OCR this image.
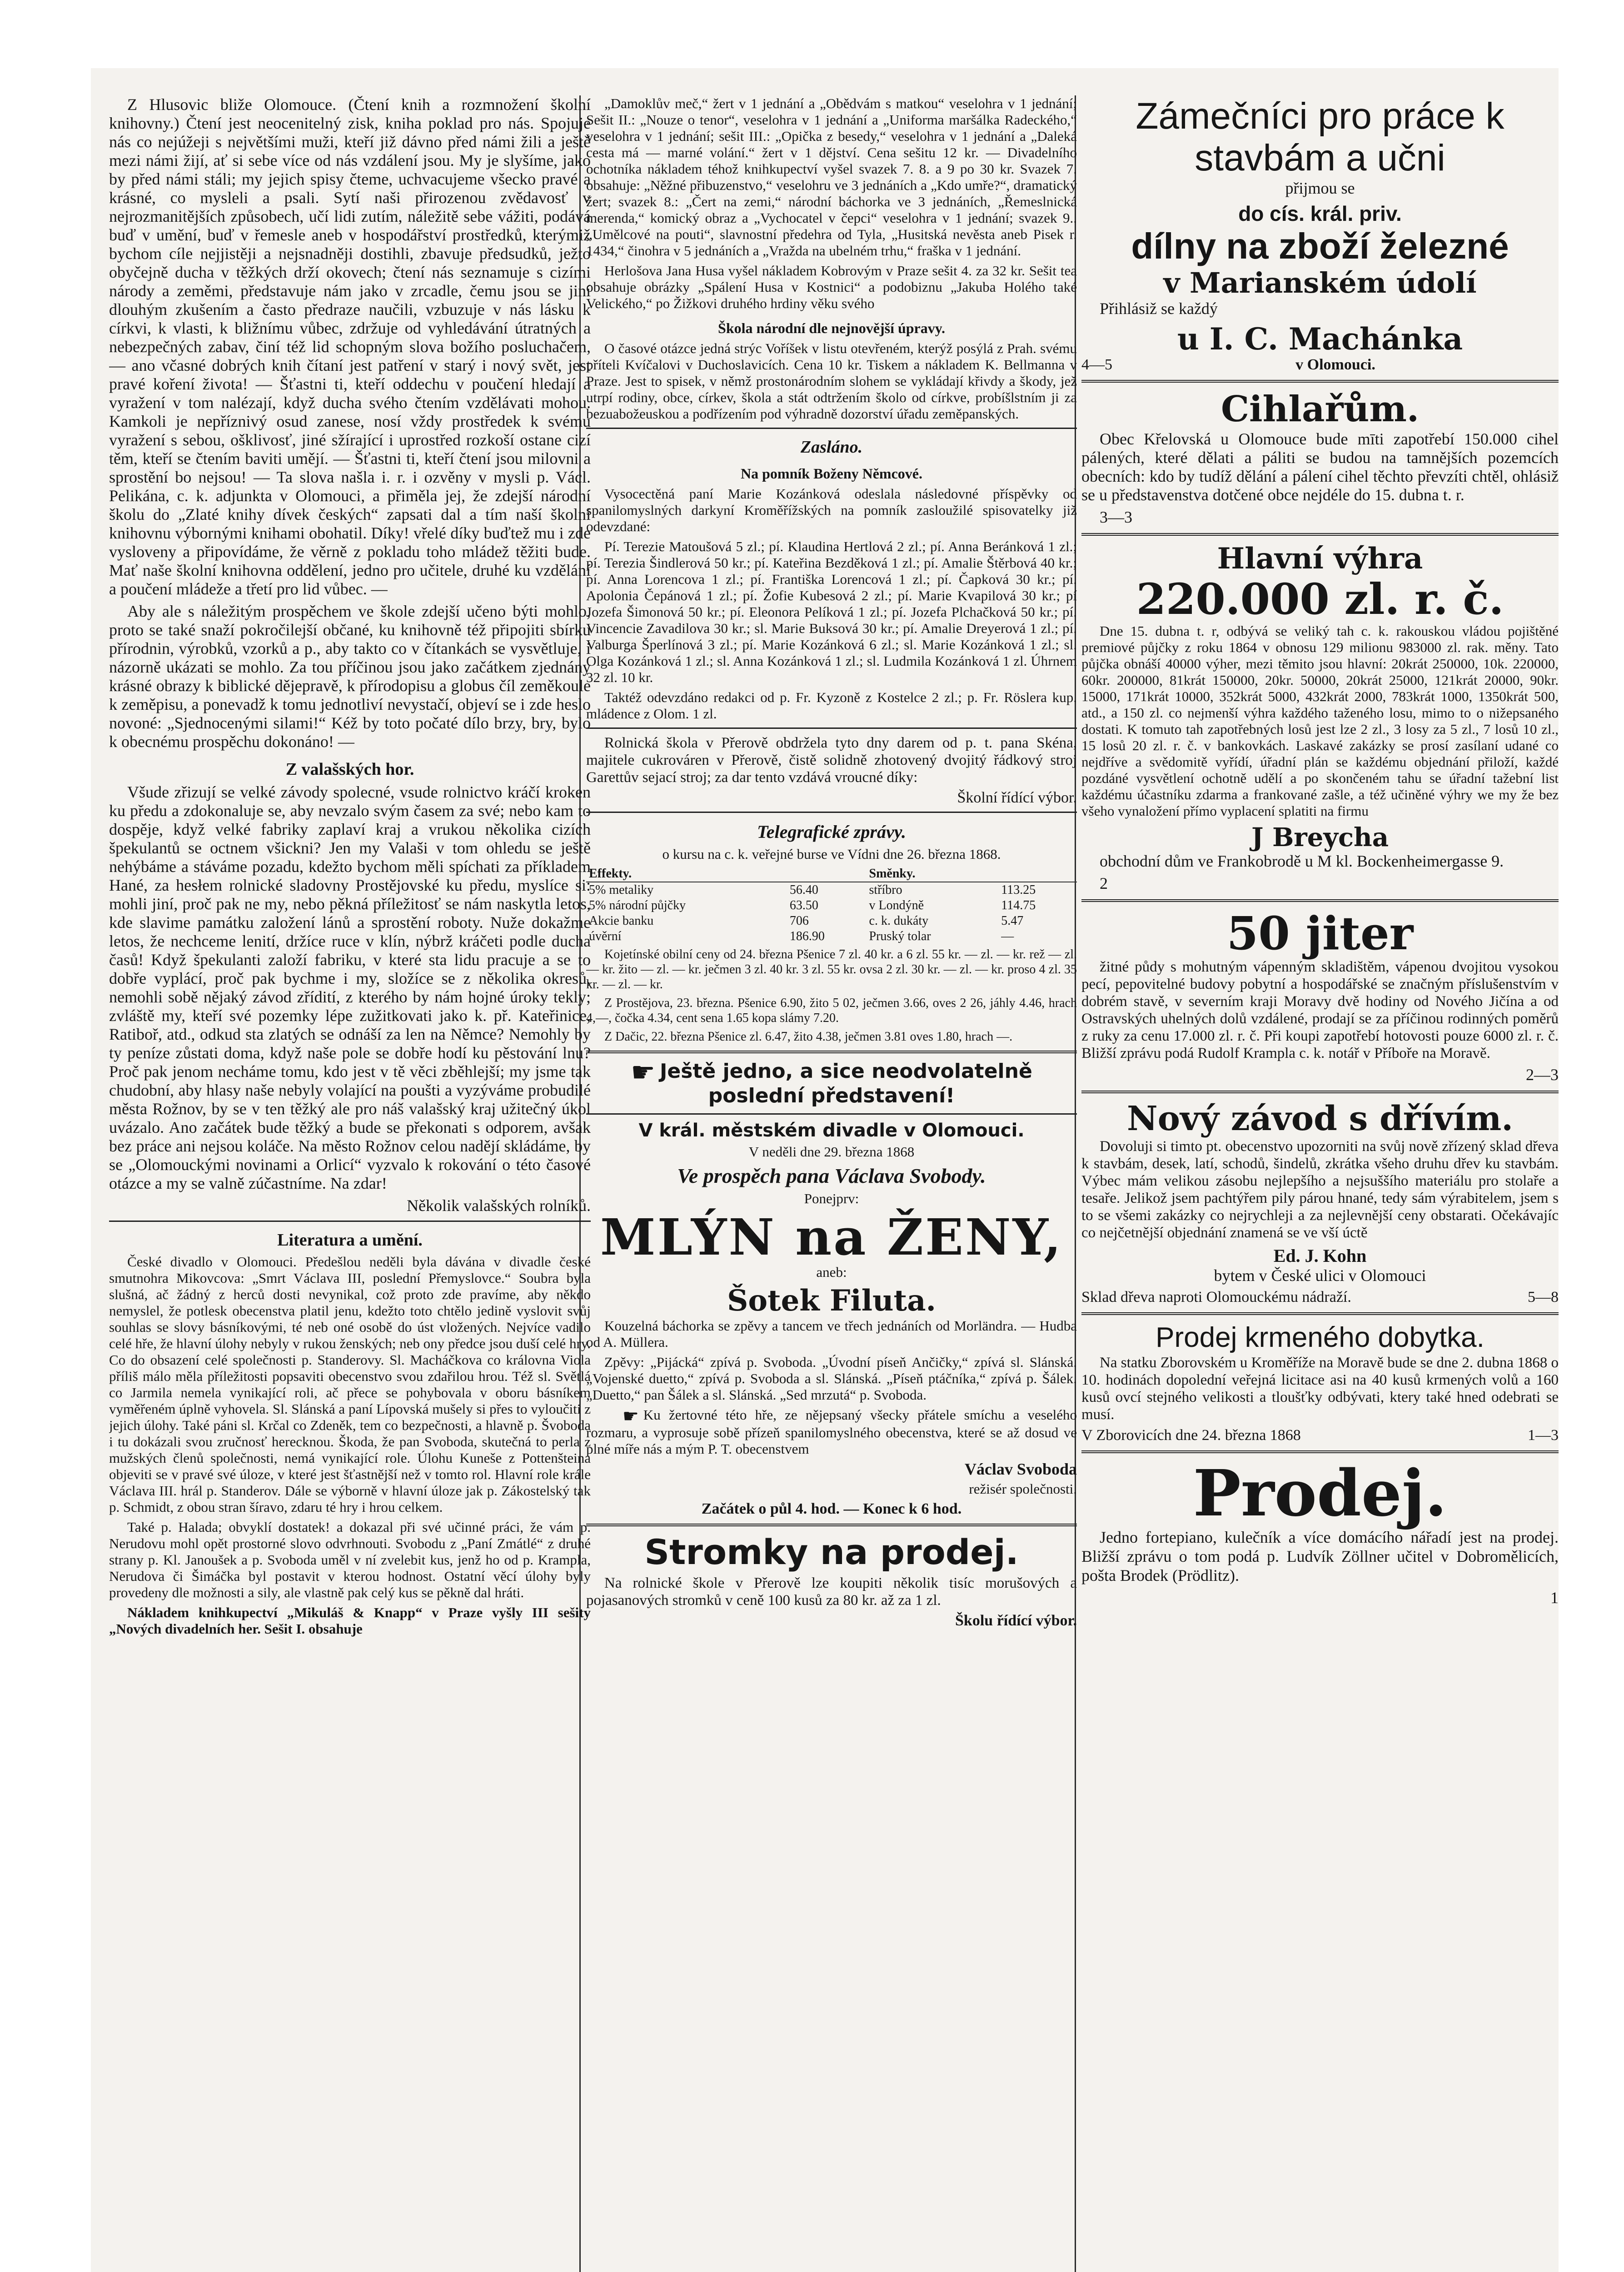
Z Hlusovic bliže Olomouce. (Čtení knih a rozmnožení školní knihovny.) Čtení jest neocenitelný zisk, kniha poklad pro nás. Spojuje nás co nejúžeji s největšími muži, kteří již dávno před námi žili a ještě mezi námi žijí, ať si sebe více od nás vzdálení jsou. My je slyšíme, jako by před námi stáli; my jejich spisy čteme, uchvacujeme všecko pravé a krásné, co mysleli a psali. Sytí naši přirozenou zvědavosť v nejrozmanitějších způsobech, učí lidi zutím, náležitě sebe vážiti, podává buď v umění, buď v řemesle aneb v hospodářství prostředků, kterýmiž bychom cíle nejjistěji a nejsnadněji dostihli, zbavuje předsudků, ježto obyčejně ducha v těžkých drží okovech; čtení nás seznamuje s cizími národy a zeměmi, představuje nám jako v zrcadle, čemu jsou se jiní dlouhým zkušením a často předraze naučili, vzbuzuje v nás lásku k církvi, k vlasti, k bližnímu vůbec, zdržuje od vyhledávání útratných a nebezpečných zabav, činí též lid schopným slova božího posluchačem, — ano včasné dobrých knih čítaní jest patření v starý i nový svět, jest pravé koření života! — Šťastni ti, kteří oddechu v poučení hledají a vyražení v tom nalézají, když ducha svého čtením vzdělávati mohou. Kamkoli je nepříznivý osud zanese, nosí vždy prostředek k svému vyražení s sebou, ošklivosť, jiné sžírající i uprostřed rozkoší ostane cizí těm, kteří se čtením baviti umějí. — Šťastni ti, kteří čtení jsou milovni a sprostění bo nejsou! — Ta slova našla i. r. i ozvěny v mysli p. Václ. Pelikána, c. k. adjunkta v Olomouci, a přiměla jej, že zdejší národní školu do „Zlaté knihy dívek českých“ zapsati dal a tím naší školní knihovnu výbornými knihami obohatil. Díky! vřelé díky buďtež mu i zde vysloveny a připovídáme, že věrně z pokladu toho mládež těžiti bude. Mať naše školní knihovna oddělení, jedno pro učitele, druhé ku vzdělání a poučení mládeže a třetí pro lid vůbec. —

Aby ale s náležitým prospěchem ve škole zdejší učeno býti mohlo, proto se také snaží pokročilejší občané, ku knihovně též připojiti sbírku přírodnin, výrobků, vzorků a p., aby takto co v čítankách se vysvětluje, i názorně ukázati se mohlo. Za tou příčinou jsou jako začátkem zjednány krásné obrazy k biblické dějepravě, k přírodopisu a globus číl zeměkoule k zeměpisu, a ponevadž k tomu jednotliví nevystačí, objeví se i zde heslo novoné: „Sjednocenými silami!“ Kéž by toto počaté dílo brzy, bry, bylo k obecnému prospěchu dokonáno! —

Z valašských hor.

Všude zřizují se velké závody spolecné, vsude rolnictvo kráčí kroken ku předu a zdokonaluje se, aby nevzalo svým časem za své; nebo kam to dospěje, když velké fabriky zaplaví kraj a vrukou několika cizích špekulantů se octnem všickni? Jen my Valaši v tom ohledu se ještě nehýbáme a stáváme pozadu, kdežto bychom měli spíchati za příkladem Hané, za hesłem rolnické sladovny Prostějovské ku předu, myslíce si: mohli jiní, proč pak ne my, nebo pěkná příležitosť se nám naskytla letos, kde slavime památku založení lánů a sprostění roboty. Nuže dokažme letos, že nechceme lenití, držíce ruce v klín, nýbrž kráčeti podle ducha časů! Když špekulanti založí fabriku, v které sta lidu pracuje a se to dobře vyplácí, proč pak bychme i my, složíce se z několika okresů, nemohli sobě nějaký závod zřídití, z kterého by nám hojné úroky tekly; zvláště my, kteří své pozemky lépe zužitkovati jako k. př. Kateřinice, Ratiboř, atd., odkud sta zlatých se odnáší za len na Němce? Nemohly by ty peníze zůstati doma, když naše pole se dobře hodí ku pěstování lnu? Proč pak jenom necháme tomu, kdo jest v tě věci zběhlejší; my jsme tak chudobní, aby hlasy naše nebyly volající na poušti a vyzýváme probudilé města Rožnov, by se v ten těžký ale pro náš valašský kraj užitečný úkol uvázalo. Ano začátek bude těžký a bude se překonati s odporem, avšak bez práce ani nejsou koláče. Na město Rožnov celou nadějí skládáme, by se „Olomouckými novinami a Orlicí“ vyzvalo k rokování o této časové otázce a my se valně zúčastníme. Na zdar!

Několik valašských rolníků.

Literatura a umění.

České divadlo v Olomouci. Předešlou neděli byla dávána v divadle české smutnohra Mikovcova: „Smrt Václava III, poslední Přemyslovce.“ Soubra byla slušná, ač žádný z herců dosti nevynikal, což proto zde pravíme, aby někdo nemyslel, že potlesk obecenstva platil jenu, kdežto toto chtělo jedině vyslovit svůj souhlas se slovy básníkovými, té neb oné osobě do úst vložených. Nejvíce vadilo celé hře, že hlavní úlohy nebyly v rukou ženských; neb ony předce jsou duší celé hry. Co do obsazení celé společnosti p. Standerovy. Sl. Macháčkova co královna Viola příliš málo měla příležitosti popsaviti obecenstvo svou zdařilou hrou. Též sl. Světlá co Jarmila nemela vynikající roli, ač přece se pohybovala v oboru básníkem vyměřeném úplně vyhovela. Sl. Slánská a paní Lípovská mušely si přes to vyloučiti z jejich úlohy. Také páni sl. Krčal co Zdeněk, tem co bezpečnosti, a hlavně p. Švoboda i tu dokázali svou zručnosť herecknou. Škoda, že pan Svoboda, skutečná to perla z mužských členů společnosti, nemá vynikající role. Úlohu Kuneše z Pottenšteina objeviti se v pravé své úloze, v které jest šťastnější než v tomto rol. Hlavní role krále Václava III. hrál p. Standerov. Dále se výborně v hlavní úloze jak p. Zákostelský tak p. Schmidt, z obou stran šíravo, zdaru té hry i hrou celkem.

Také p. Halada; obvyklí dostatek! a dokazal při své učinné práci, že vám p. Nerudovu mohl opět prostorné slovo odvrhnouti. Svobodu z „Paní Zmátlé“ z druhé strany p. Kl. Janoušek a p. Svoboda uměl v ní zvelebit kus, jenž ho od p. Krampla, Nerudova či Šimáčka byl postavit v kterou hodnost. Ostatní věcí úlohy byly provedeny dle možnosti a sily, ale vlastně pak celý kus se pěkně dal hráti.

Nákladem knihkupectví „Mikuláš & Knapp“ v Praze vyšly III sešity „Nových divadelních her. Sešit I. obsahuje

„Damoklův meč,“ žert v 1 jednání a „Obědvám s matkou“ veselohra v 1 jednání; Sešit II.: „Nouze o tenor“, veselohra v 1 jednání a „Uniforma maršálka Radeckého,“ veselohra v 1 jednání; sešit III.: „Opička z besedy,“ veselohra v 1 jednání a „Daleká cesta má — marné volání.“ žert v 1 dějství. Cena sešitu 12 kr. — Divadelního ochotníka nákladem téhož knihkupectví vyšel svazek 7. 8. a 9 po 30 kr. Svazek 7. obsahuje: „Něžné přibuzenstvo,“ veselohru ve 3 jednáních a „Kdo umře?“, dramatický žert; svazek 8.: „Čert na zemi,“ národní báchorka ve 3 jednáních, „Řemeslnická merenda,“ komický obraz a „Vychocatel v čepci“ veselohra v 1 jednání; svazek 9.. „Umělcové na pouti“, slavnostní předehra od Tyla, „Husitská nevěsta aneb Pisek r. 1434,“ činohra v 5 jednáních a „Vražda na ubelném trhu,“ fraška v 1 jednání.

Herlošova Jana Husa vyšel nákladem Kobrovým v Praze sešit 4. za 32 kr. Sešit tea obsahuje obrázky „Spálení Husa v Kostnici“ a podobiznu „Jakuba Holého také Velického,“ po Žižkovi druhého hrdiny věku svého

Škola národní dle nejnovější úpravy.

O časové otázce jedná strýc Voříšek v listu otevřeném, kterýž posýlá z Prah. svému příteli Kvíčalovi v Duchoslavicích. Cena 10 kr. Tiskem a nákladem K. Bellmanna v Praze. Jest to spisek, v němž prostonárodním slohem se vykládají křivdy a škody, jež utrpí rodiny, obce, církev, škola a stát odtržením školo od církve, probíšlstním ji za bezuabožeuskou a podřízením pod výhradně dozorství úřadu zeměpanských.

Zasláno.
Na pomník Boženy Němcové.

Vysocectěná paní Marie Kozánková odeslala následovné příspěvky od spanilomyslných darkyní Kroměřížských na pomník zasloužilé spisovatelky již odevzdané:

Pí. Terezie Matoušová 5 zl.; pí. Klaudina Hertlová 2 zl.; pí. Anna Beránková 1 zl.; pí. Terezia Šindlerová 50 kr.; pí. Kateřina Bezděková 1 zl.; pí. Amalie Štěrbová 40 kr.; pí. Anna Lorencova 1 zl.; pí. Františka Lorencová 1 zl.; pí. Čapková 30 kr.; pí. Apolonia Čepánová 1 zl.; pí. Žofie Kubesová 2 zl.; pí. Marie Kvapilová 30 kr.; pí Jozefa Šimonová 50 kr.; pí. Eleonora Pelíková 1 zl.; pí. Jozefa Plchačková 50 kr.; pí. Vincencie Zavadilova 30 kr.; sl. Marie Buksová 30 kr.; pí. Amalie Dreyerová 1 zl.; pí. Valburga Šperlínová 3 zl.; pí. Marie Kozánková 6 zl.; sl. Marie Kozánková 1 zl.; sl. Olga Kozánková 1 zl.; sl. Anna Kozánková 1 zl.; sl. Ludmila Kozánková 1 zl. Úhrnem 32 zl. 10 kr.

Taktéž odevzdáno redakci od p. Fr. Kyzoně z Kostelce 2 zl.; p. Fr. Röslera kup. mládence z Olom. 1 zl.

Rolnická škola v Přerově obdržela tyto dny darem od p. t. pana Skéna, majitele cukrováren v Přerově, čistě solidně zhotovený dvojitý řádkový stroj Garettův sejací stroj; za dar tento vzdává vroucné díky:

Školní řídící výbor.

Telegrafické zprávy.

o kursu na c. k. veřejné burse ve Vídni dne 26. března 1868.

Effekty.		Směnky.	
5% metaliky	56.40	stříbro	113.25
5% národní půjčky	63.50	v Londýně	114.75
Akcie banku	706	c. k. dukáty	5.47
úvěrní	186.90	Pruský tolar	—

Kojetínské obilní ceny od 24. března Pšenice 7 zl. 40 kr. a 6 zl. 55 kr. — zl. — kr. rež — zl. — kr. žito — zl. — kr. ječmen 3 zl. 40 kr. 3 zl. 55 kr. ovsa 2 zl. 30 kr. — zl. — kr. proso 4 zl. 35 kr. — zl. — kr.

Z Prostějova, 23. března. Pšenice 6.90, žito 5 02, ječmen 3.66, oves 2 26, jáhly 4.46, hrach 4,—, čočka 4.34, cent sena 1.65 kopa slámy 7.20.

Z Dačic, 22. března Pšenice zl. 6.47, žito 4.38, ječmen 3.81 oves 1.80, hrach —.

☛ Ještě jedno, a sice neodvolatelně poslední představení!
V král. městském divadle v Olomouci.

V neděli dne 29. března 1868

Ve prospěch pana Václava Svobody.

Ponejprv:

MLÝN na ŽENY,

aneb:

Šotek Filuta.

Kouzelná báchorka se zpěvy a tancem ve třech jednáních od Morländra. — Hudba od A. Müllera.

Zpěvy: „Pijácká“ zpívá p. Svoboda. „Úvodní píseň Ančičky,“ zpívá sl. Slánská. „Vojenské duetto,“ zpívá p. Svoboda a sl. Slánská. „Píseň ptáčníka,“ zpívá p. Šálek. „Duetto,“ pan Šálek a sl. Slánská. „Sed mrzutá“ p. Svoboda.

☛ Ku žertovné této hře, ze nějepsaný všecky přátele smíchu a veselého rozmaru, a vyprosuje sobě přízeň spanilomyslného obecenstva, které se až dosud ve plné míře nás a mým P. T. obecenstvem

Václav Svoboda

režisér společnosti.

Začátek o půl 4. hod. — Konec k 6 hod.

Stromky na prodej.

Na rolnické škole v Přerově lze koupiti několik tisíc morušových a pojasanových stromků v ceně 100 kusů za 80 kr. až za 1 zl.

Školu řídící výbor.

Zámečníci pro práce k stavbám a učni

přijmou se

do cís. král. priv.
dílny na zboží železné
v Marianském údolí

Přihlásiž se každý

u I. C. Machánka
4—5	v Olomouci.
Cihlařům.

Obec Křelovská u Olomouce bude mīti zapotřebí 150.000 cihel pálených, které dělati a páliti se budou na tamnějších pozemcích obecních: kdo by tudíž dělání a pálení cihel těchto převzíti chtěl, ohlásiž se u představenstva dotčené obce nejdéle do 15. dubna t. r.

3—3

Hlavní výhra
220.000 zl. r. č.

Dne 15. dubna t. r, odbývá se veliký tah c. k. rakouskou vládou pojištěné premiové půjčky z roku 1864 v obnosu 129 milionu 983000 zl. rak. měny. Tato půjčka obnáší 40000 výher, mezi těmito jsou hlavní: 20krát 250000, 10k. 220000, 60kr. 200000, 81krát 150000, 20kr. 50000, 20krát 25000, 121krát 20000, 90kr. 15000, 171krát 10000, 352krát 5000, 432krát 2000, 783krát 1000, 1350krát 500, atd., a 150 zl. co nejmenší výhra každého taženého losu, mimo to o nižepsaného dostati. K tomuto tah zapotřebných losů jest lze 2 zl., 3 losy za 5 zl., 7 losů 10 zl., 15 losů 20 zl. r. č. v bankovkách. Laskavé zakázky se prosí zasílaní udané co nejdříve a svědomitě vyřídí, úřadní plán se každému objednání přiloží, každé pozdáné vysvětlení ochotně udělí a po skončeném tahu se úřadní tažební list každému účastníku zdarma a frankované zašle, a též učiněné výhry we my že bez všeho vynaložení přímo vyplacení splatiti na firmu

J Breycha

obchodní dům ve Frankobrodě u M kl. Bockenheimergasse 9.

2

50 jiter

žitné půdy s mohutným vápenným skladištěm, vápenou dvojitou vysokou pecí, pepovitelné budovy pobytní a hospodářské se značným příslušenstvím v dobrém stavě, v severním kraji Moravy dvě hodiny od Nového Jičína a od Ostravských uhelných dolů vzdálené, prodají se za příčinou rodinných poměrů z ruky za cenu 17.000 zl. r. č. Při koupi zapotřebí hotovosti pouze 6000 zl. r. č. Bližší zprávu podá Rudolf Krampla c. k. notář v Příboře na Moravě.

2—3

Nový závod s dřívím.

Dovoluji si timto pt. obecenstvo upozorniti na svůj nově zřízený sklad dřeva k stavbám, desek, latí, schodů, šindelů, zkrátka všeho druhu dřev ku stavbám. Výbec mám velikou zásobu nejlepšího a nejsuššího materiálu pro stolaře a tesaře. Jelikož jsem pachtýřem pily párou hnané, tedy sám výrabitelem, jsem s to se všemi zakázky co nejrychleji a za nejlevnější ceny obstarati. Očekávajíc co nejčetnější objednání znamená se ve vší úctě

Ed. J. Kohn

bytem v České ulici v Olomouci

Sklad dřeva naproti Olomouckému nádraží.	5—8
Prodej krmeného dobytka.

Na statku Zborovském u Kroměříže na Moravě bude se dne 2. dubna 1868 o 10. hodinách dopolední veřejná licitace asi na 40 kusů krmených volů a 160 kusů ovcí stejného velikosti a tloušťky odbývati, ktery také hned odebrati se musí.

V Zborovicích dne 24. března 1868	1—3
Prodej.

Jedno fortepiano, kulečník a více domácího nářadí jest na prodej. Bližší zprávu o tom podá p. Ludvík Zöllner učitel v Dobromělicích, pošta Brodek (Prödlitz).

1
